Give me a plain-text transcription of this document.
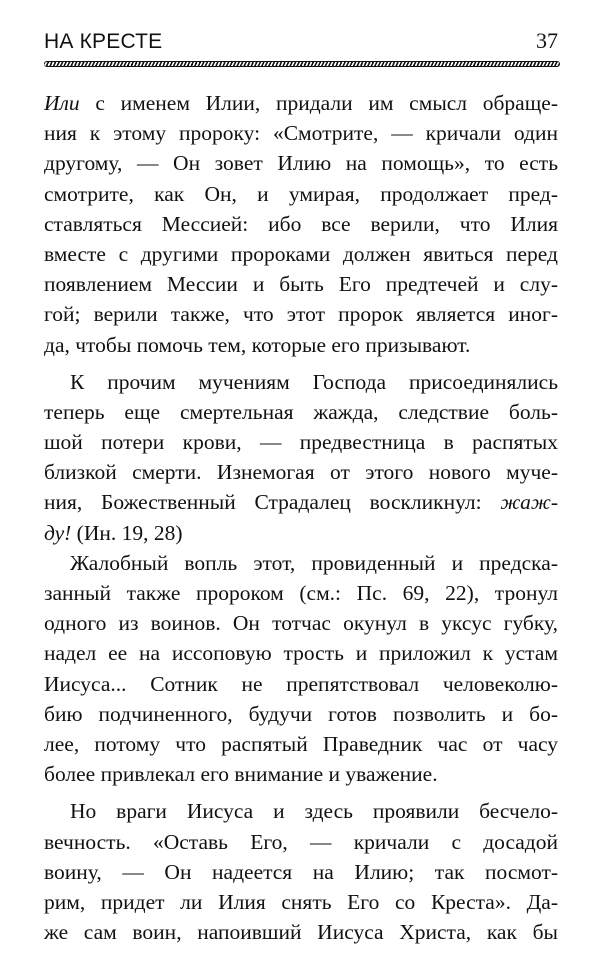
НА КРЕСТЕ	37
Или с именем Илии, придали им смысл обраще-
ния к этому пророку: «Смотрите, — кричали один
другому, — Он зовет Илию на помощь», то есть
смотрите, как Он, и умирая, продолжает пред-
ставляться Мессией: ибо все верили, что Илия
вместе с другими пророками должен явиться перед
появлением Мессии и быть Его предтечей и слу-
гой; верили также, что этот пророк является иног-
да, чтобы помочь тем, которые его призывают.
К прочим мучениям Господа присоединялись
теперь еще смертельная жажда, следствие боль-
шой потери крови, — предвестница в распятых
близкой смерти. Изнемогая от этого нового муче-
ния, Божественный Страдалец воскликнул: жаж-
ду! (Ин. 19, 28)
Жалобный вопль этот, провиденный и предска-
занный также пророком (см.: Пс. 69, 22), тронул
одного из воинов. Он тотчас окунул в уксус губку,
надел ее на иссоповую трость и приложил к устам
Иисуса... Сотник не препятствовал человеколю-
бию подчиненного, будучи готов позволить и бо-
лее, потому что распятый Праведник час от часу
более привлекал его внимание и уважение.
Но враги Иисуса и здесь проявили бесчело-
вечность. «Оставь Его, — кричали с досадой
воину, — Он надеется на Илию; так посмот-
рим, придет ли Илия снять Его со Креста». Да-
же сам воин, напоивший Иисуса Христа, как бы
